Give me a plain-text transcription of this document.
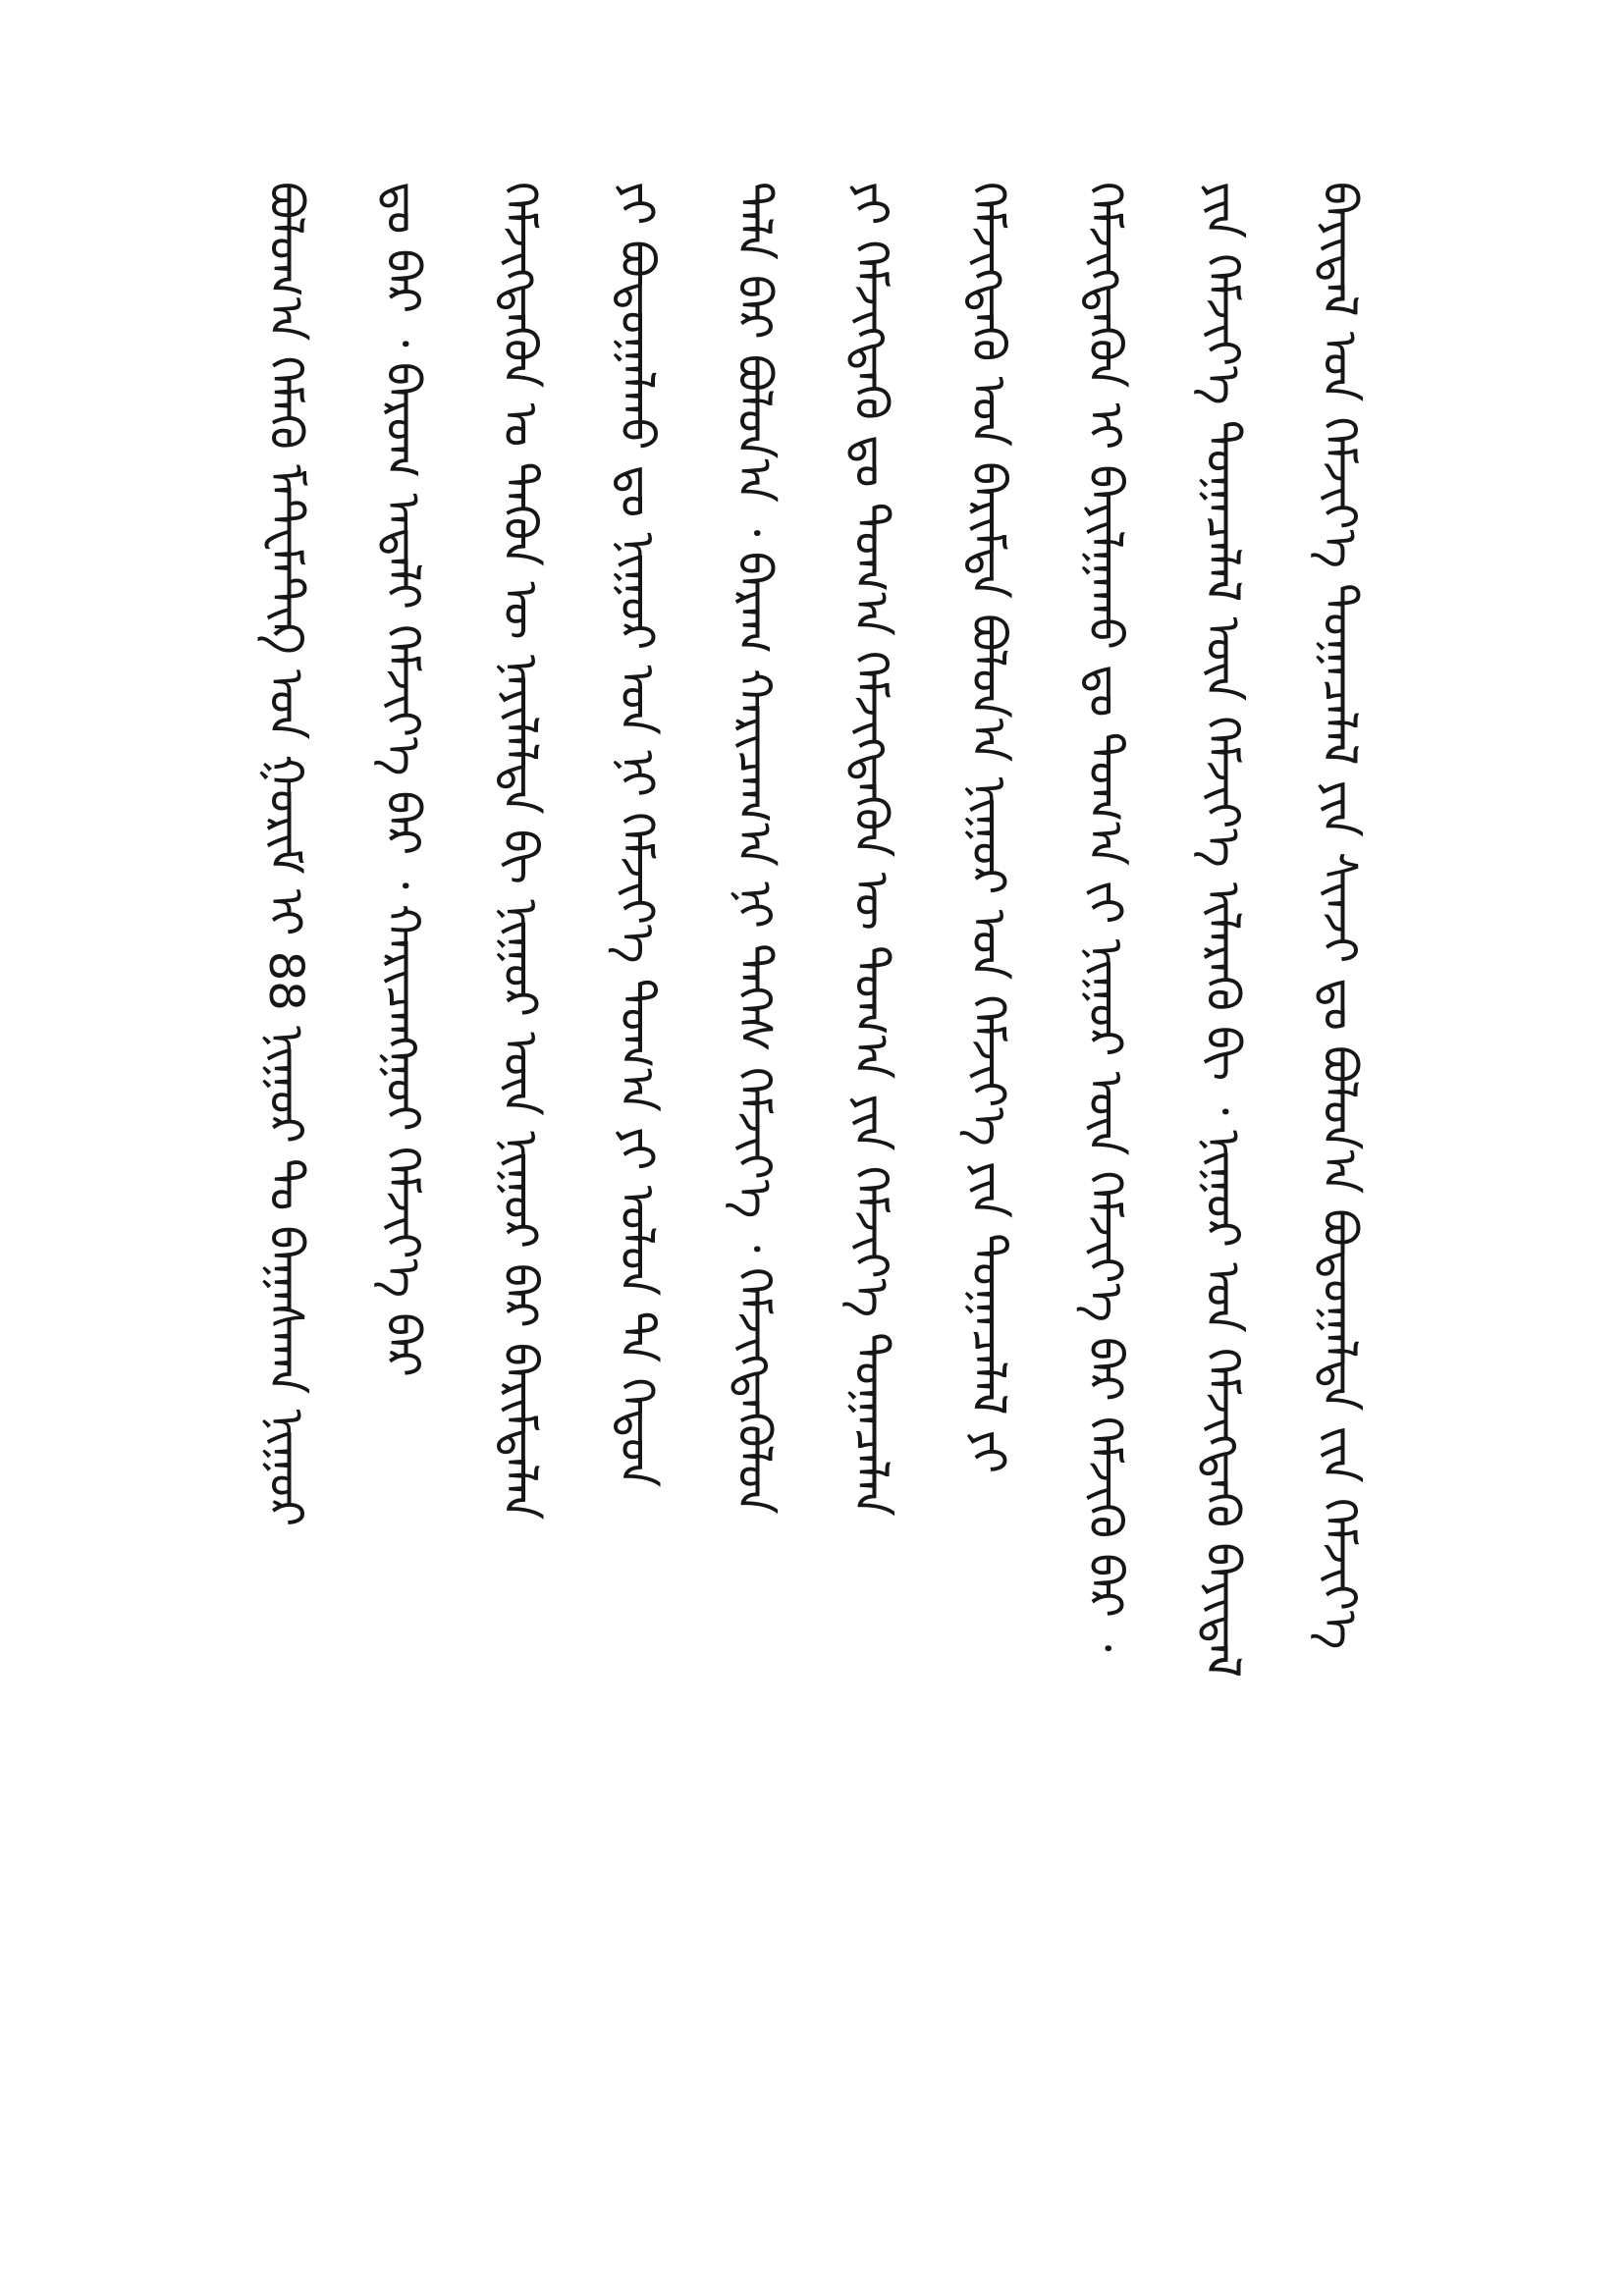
ᠪᠣᠯᠤᠭ᠎ᠠ ᠬᠡᠮᠡᠬᠦ ᠮᠠᠲ᠋ᠧᠮᠠᠲ᠋ᠢᠺ ᠤᠨ ᠭᠣᠷᠢᠮ ᠢ 88 ᠨᠢᠭᠤᠷ ᠲᠤ ᠪᠠᠭᠠᠰᠬᠠᠨ ᠨᠢᠭᠤᠷ	ᠳᠤ ᠪᠡᠷ ᠂ ᠪᠠᠷᠤᠭ ᠠᠳᠠᠯᠢ ᠬᠡᠮᠵᠢᠶ᠎ᠡ ᠪᠠᠷ ᠂ ᠬᠠᠷᠢᠴᠠᠩᠭᠤᠢ ᠬᠡᠮᠵᠢᠶ᠎ᠡ ᠪᠡᠷ	ᠬᠡᠮᠵᠢᠭᠳᠡᠭᠦᠨ ᠤ ᠲᠡᠭᠦᠨ ᠦ ᠨᠡᠶᠢᠯᠡᠯᠲᠡ ᠪᠢ ᠨᠢᠭᠤᠷ ᠦᠨ ᠨᠢᠭᠤᠷ ᠪᠠᠷ ᠪᠠᠷᠢᠮᠳᠠᠯᠠᠨ	ᠶᠢ ᠪᠣᠳᠣᠭᠠᠯᠬᠤ ᠳᠤ ᠨᠢᠭᠤᠷ ᠤᠨ ᠨᠢ ᠬᠡᠮᠵᠢᠶ᠎ᠡ ᠲᠣᠭ᠎ᠠ ᠶᠢ ᠣᠯᠤᠨ ᠲᠠ ᠬᠡᠳᠦᠨ	ᠲᠠᠯᠠ ᠪᠠᠷ ᠪᠣᠯᠤᠨ᠎ᠠ ᠂ ᠪᠠᠷᠠᠭ ᠬᠠᠷᠢᠴᠠᠭ᠎ᠠ ᠨᠢ ᠲᠡᠭᠡᠰ ᠬᠡᠮᠵᠢᠶ᠎ᠡ ᠂ ᠬᠡᠮᠵᠢᠭᠳᠡᠭᠦᠯᠦᠨ	ᠶᠢ ᠬᠡᠮᠵᠢᠭᠳᠡᠬᠦ ᠳᠤ ᠲᠣᠭ᠎ᠠ ᠬᠡᠮᠵᠢᠭᠳᠡᠬᠦᠨ ᠦ ᠲᠣᠭ᠎ᠠ ᠶᠢᠨ ᠬᠡᠮᠵᠢᠶ᠎ᠡ ᠲᠣᠭᠠᠴᠠᠯᠠᠨ	ᠬᠡᠮᠵᠢᠭᠳᠡᠬᠦ ᠤᠨ ᠪᠠᠷᠢᠮᠲᠠ ᠪᠣᠯᠤᠨ᠎ᠠ ᠨᠢᠭᠤᠷ ᠤᠨ ᠬᠡᠮᠵᠢᠶ᠎ᠡ ᠶᠢᠨ ᠲᠣᠭᠠᠴᠠᠯᠠᠯ ᠶᠢ	ᠬᠡᠮᠵᠢᠭᠳᠡᠬᠦᠨ ᠢ ᠪᠠᠶᠢᠯᠭᠠᠬᠤ ᠳᠤ ᠲᠣᠭ᠎ᠠ ᠵᠢ ᠨᠢᠭᠤᠷ ᠦᠨ ᠬᠡᠮᠵᠢᠶ᠎ᠡ ᠪᠠᠷ ᠬᠡᠮᠵᠢᠬᠦ ᠪᠡᠷ ᠂	ᠶᠢᠨ ᠬᠡᠮᠵᠢᠶ᠎ᠡ ᠲᠣᠭᠠᠴᠠᠯᠠᠯ ᠦᠨ ᠬᠡᠮᠵᠢᠶ᠎ᠡ ᠢᠯᠡᠷᠡᠬᠦ ᠪᠢ ᠂ ᠨᠢᠭᠤᠷ ᠤᠨ ᠬᠡᠮᠵᠢᠭᠳᠡᠬᠦ ᠪᠠᠶᠢᠳᠠᠯ	ᠪᠠᠶᠢᠳᠠᠯ ᠤᠨ ᠬᠡᠮᠵᠢᠶ᠎ᠡ ᠲᠣᠭᠠᠴᠠᠯᠠᠯ ᠶᠢᠨ ᠰᠢᠨᠵᠢ ᠳᠤ ᠪᠣᠯᠤᠨ᠎ᠠ ᠪᠣᠳᠣᠭᠠᠯᠲᠠ ᠵᠢᠨ ᠬᠡᠮᠵᠢᠶ᠎ᠡ
